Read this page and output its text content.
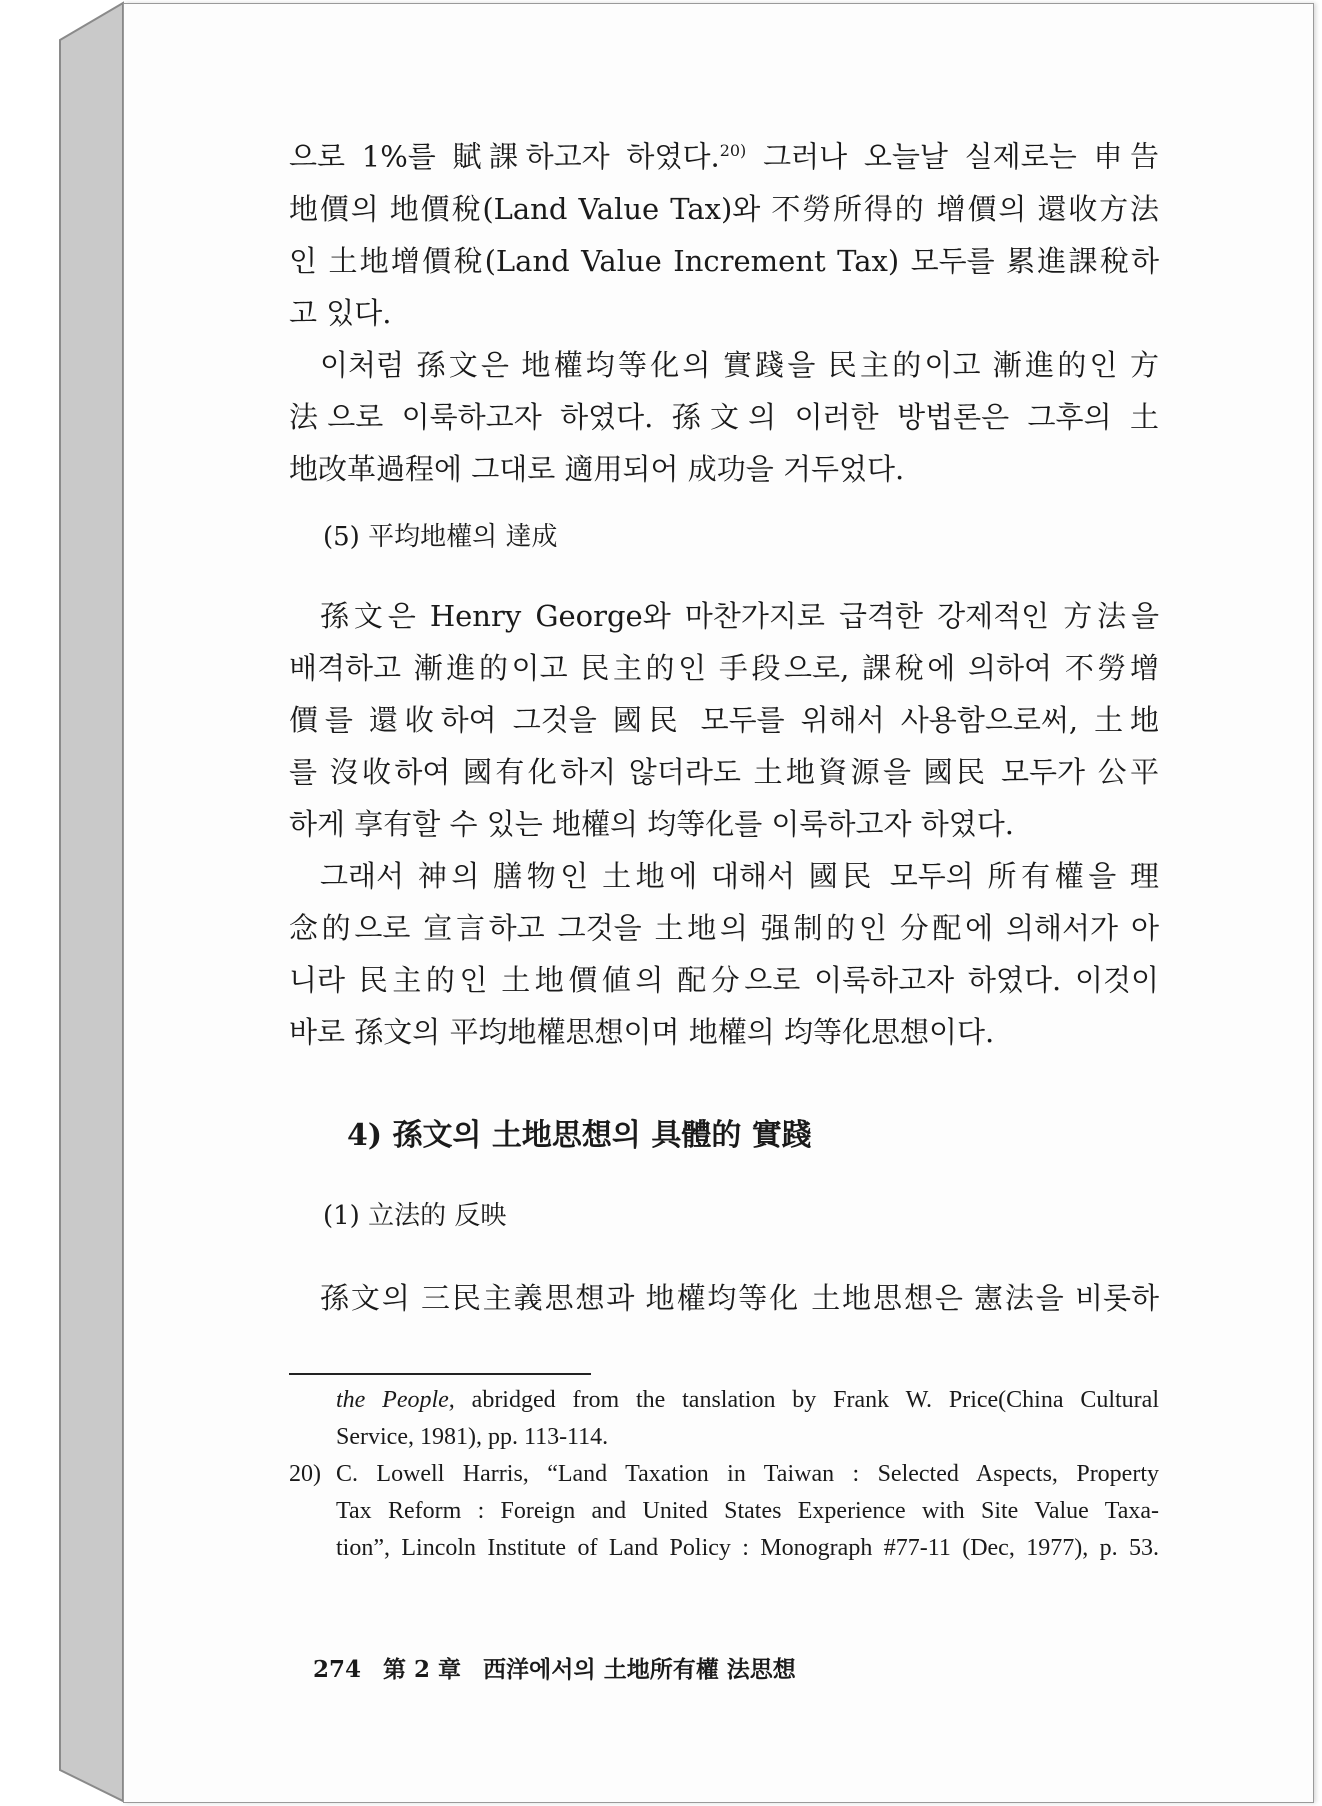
으로 1%를 賦課하고자 하였다.$^{20)}$ 그러나 오늘날 실제로는 申告

地價의 地價稅(Land Value Tax)와 不勞所得的 增價의 還收方法

인 土地增價稅(Land Value Increment Tax) 모두를 累進課稅하

고 있다.

이처럼 孫文은 地權均等化의 實踐을 民主的이고 漸進的인 方

法으로 이룩하고자 하였다. 孫文의 이러한 방법론은 그후의 土

地改革過程에 그대로 適用되어 成功을 거두었다.

(5) 平均地權의 達成

孫文은 Henry George와 마찬가지로 급격한 강제적인 方法을

배격하고 漸進的이고 民主的인 手段으로, 課稅에 의하여 不勞增

價를 還收하여 그것을 國民 모두를 위해서 사용함으로써, 土地

를 沒收하여 國有化하지 않더라도 土地資源을 國民 모두가 公平

하게 享有할 수 있는 地權의 均等化를 이룩하고자 하였다.

그래서 神의 膳物인 土地에 대해서 國民 모두의 所有權을 理

念的으로 宣言하고 그것을 土地의 强制的인 分配에 의해서가 아

니라 民主的인 土地價値의 配分으로 이룩하고자 하였다. 이것이

바로 孫文의 平均地權思想이며 地權의 均等化思想이다.

4) 孫文의 土地思想의 具體的 實踐
(1) 立法的 反映

孫文의 三民主義思想과 地權均等化 土地思想은 憲法을 비롯하

the People, abridged from the tanslation by Frank W. Price(China Cultural

Service, 1981), pp. 113-114.

20) C. Lowell Harris, “Land Taxation in Taiwan : Selected Aspects, Property

Tax Reform : Foreign and United States Experience with Site Value Taxa-

tion”, Lincoln Institute of Land Policy : Monograph #77-11 (Dec, 1977), p. 53.

274 第 2 章 西洋에서의 土地所有權 法思想
